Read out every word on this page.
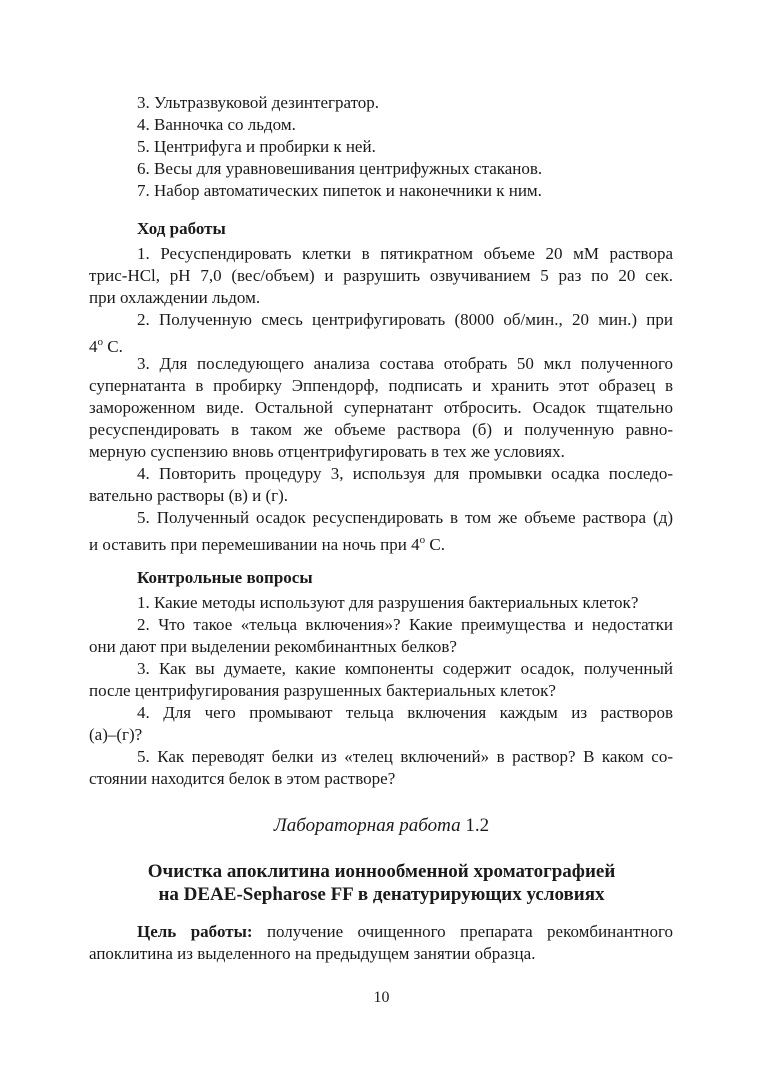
3. Ультразвуковой дезинтегратор.
4. Ванночка со льдом.
5. Центрифуга и пробирки к ней.
6. Весы для уравновешивания центрифужных стаканов.
7. Набор автоматических пипеток и наконечники к ним.
Ход работы
1. Ресуспендировать клетки в пятикратном объеме 20 мМ раствора
трис-HCl, pH 7,0 (вес/объем) и разрушить озвучиванием 5 раз по 20 сек.
при охлаждении льдом.
2. Полученную смесь центрифугировать (8000 об/мин., 20 мин.) при
4$^o$ С.
3. Для последующего анализа состава отобрать 50 мкл полученного
супернатанта в пробирку Эппендорф, подписать и хранить этот образец в
замороженном виде. Остальной супернатант отбросить. Осадок тщательно
ресуспендировать в таком же объеме раствора (б) и полученную равно-
мерную суспензию вновь отцентрифугировать в тех же условиях.
4. Повторить процедуру 3, используя для промывки осадка последо-
вательно растворы (в) и (г).
5. Полученный осадок ресуспендировать в том же объеме раствора (д)
и оставить при перемешивании на ночь при 4$^o$ С.
Контрольные вопросы
1. Какие методы используют для разрушения бактериальных клеток?
2. Что такое «тельца включения»? Какие преимущества и недостатки
они дают при выделении рекомбинантных белков?
3. Как вы думаете, какие компоненты содержит осадок, полученный
после центрифугирования разрушенных бактериальных клеток?
4. Для чего промывают тельца включения каждым из растворов
(а)–(г)?
5. Как переводят белки из «телец включений» в раствор? В каком со-
стоянии находится белок в этом растворе?
Лабораторная работа 1.2
Очистка апоклитина ионнообменной хроматографией
на DEAE-Sepharose FF в денатурирующих условиях
Цель работы: получение очищенного препарата рекомбинантного
апоклитина из выделенного на предыдущем занятии образца.
10
